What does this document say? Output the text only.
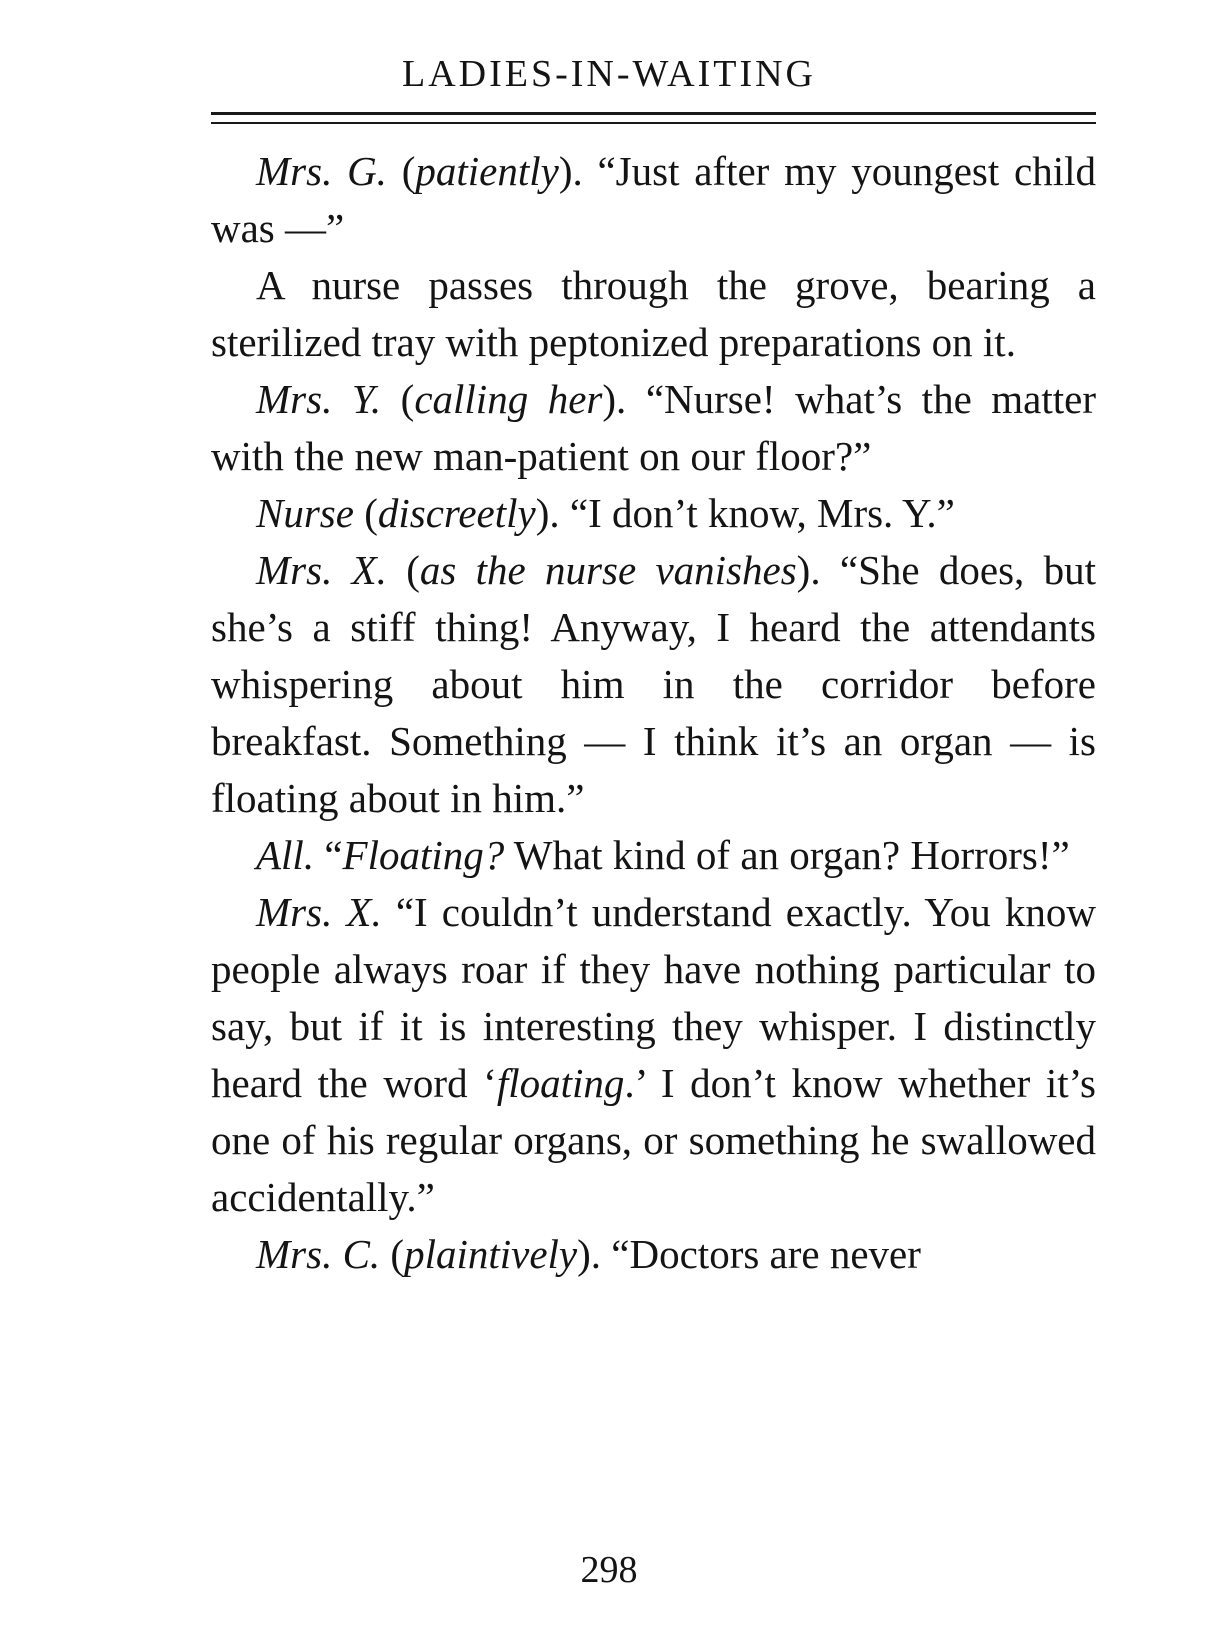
LADIES-IN-WAITING

Mrs. G. (patiently). “Just after my youngest child was —”

A nurse passes through the grove, bearing a sterilized tray with peptonized preparations on it.

Mrs. Y. (calling her). “Nurse! what’s the matter with the new man-patient on our floor?”

Nurse (discreetly). “I don’t know, Mrs. Y.”

Mrs. X. (as the nurse vanishes). “She does, but she’s a stiff thing! Anyway, I heard the attendants whispering about him in the corridor before breakfast. Something — I think it’s an organ — is floating about in him.”

All. “Floating? What kind of an organ? Horrors!”

Mrs. X. “I couldn’t understand exactly. You know people always roar if they have nothing particular to say, but if it is interesting they whisper. I distinctly heard the word ‘floating.’ I don’t know whether it’s one of his regular organs, or something he swallowed accidentally.”

Mrs. C. (plaintively). “Doctors are never

298
